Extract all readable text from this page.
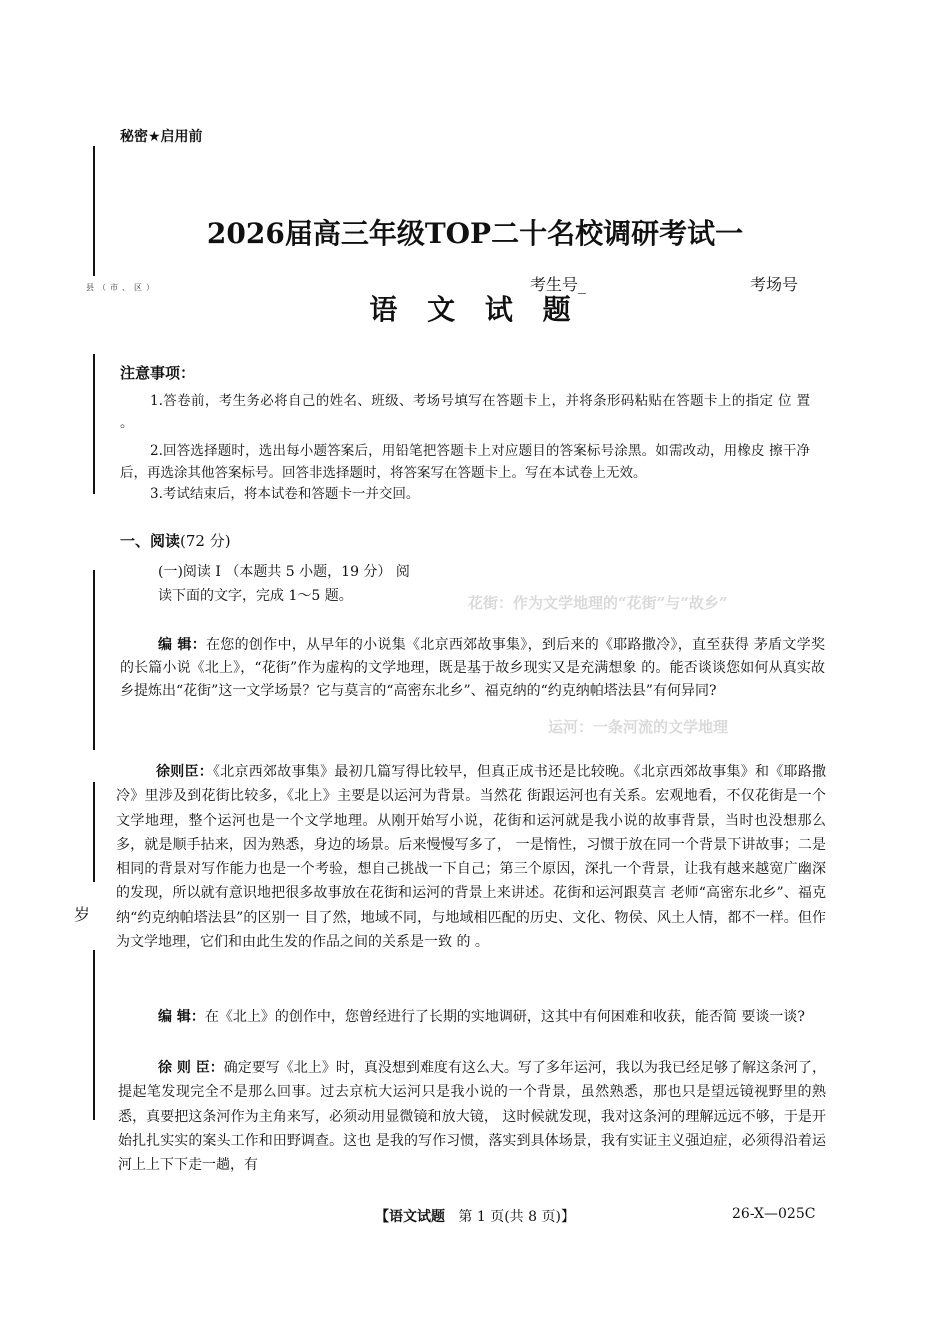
秘密★启用前
2026届高三年级TOP二十名校调研考试一
县（市、区）	考生号_	考场号
语 文 试 题
注意事项：
1.答卷前，考生务必将自己的姓名、班级、考场号填写在答题卡上，并将条形码粘贴在答题卡上的指定 位 置 。
2.回答选择题时，选出每小题答案后，用铅笔把答题卡上对应题目的答案标号涂黑。如需改动，用橡皮 擦干净后，再选涂其他答案标号。回答非选择题时，将答案写在答题卡上。写在本试卷上无效。
3.考试结束后，将本试卷和答题卡一并交回。
一、阅读(72 分)
(一)阅读 I （本题共 5 小题，19 分） 阅读下面的文字，完成 1～5 题。	花街：作为文学地理的“花街”与“故乡”
运河：一条河流的文学地理
岁
编 辑：在您的创作中，从早年的小说集《北京西郊故事集》，到后来的《耶路撒冷》，直至获得 茅盾文学奖的长篇小说《北上》，“花街”作为虚构的文学地理，既是基于故乡现实又是充满想象 的。能否谈谈您如何从真实故乡提炼出“花街”这一文学场景？它与莫言的“高密东北乡”、福克纳的“约克纳帕塔法县”有何异同?
徐则臣：《北京西郊故事集》最初几篇写得比较早，但真正成书还是比较晚。《北京西郊故事集》和《耶路撒冷》里涉及到花街比较多，《北上》主要是以运河为背景。当然花 街跟运河也有关系。宏观地看，不仅花街是一个文学地理，整个运河也是一个文学地理。从刚开始写小说，花街和运河就是我小说的故事背景，当时也没想那么多，就是顺手拈来，因为熟悉，身边的场景。后来慢慢写多了， 一是惰性，习惯于放在同一个背景下讲故事；二是相同的背景对写作能力也是一个考验，想自己挑战一下自己；第三个原因，深扎一个背景，让我有越来越宽广幽深的发现，所以就有意识地把很多故事放在花街和运河的背景上来讲述。花街和运河跟莫言 老师“高密东北乡”、福克纳“约克纳帕塔法县”的区别一 目了然，地域不同，与地域相匹配的历史、文化、物侯、风土人情，都不一样。但作为文学地理，它们和由此生发的作品之间的关系是一致 的 。
编 辑：在《北上》的创作中，您曾经进行了长期的实地调研，这其中有何困难和收获，能否简 要谈一谈?
徐 则 臣：确定要写《北上》时，真没想到难度有这么大。写了多年运河，我以为我已经足够了解这条河了，提起笔发现完全不是那么回事。过去京杭大运河只是我小说的一个背景，虽然熟悉，那也只是望远镜视野里的熟悉，真要把这条河作为主角来写，必须动用显微镜和放大镜， 这时候就发现，我对这条河的理解远远不够，于是开始扎扎实实的案头工作和田野调查。这也 是我的写作习惯，落实到具体场景，我有实证主义强迫症，必须得沿着运河上上下下走一趟，有
【语文试题 第 1 页(共 8 页)】	26-X—025C
